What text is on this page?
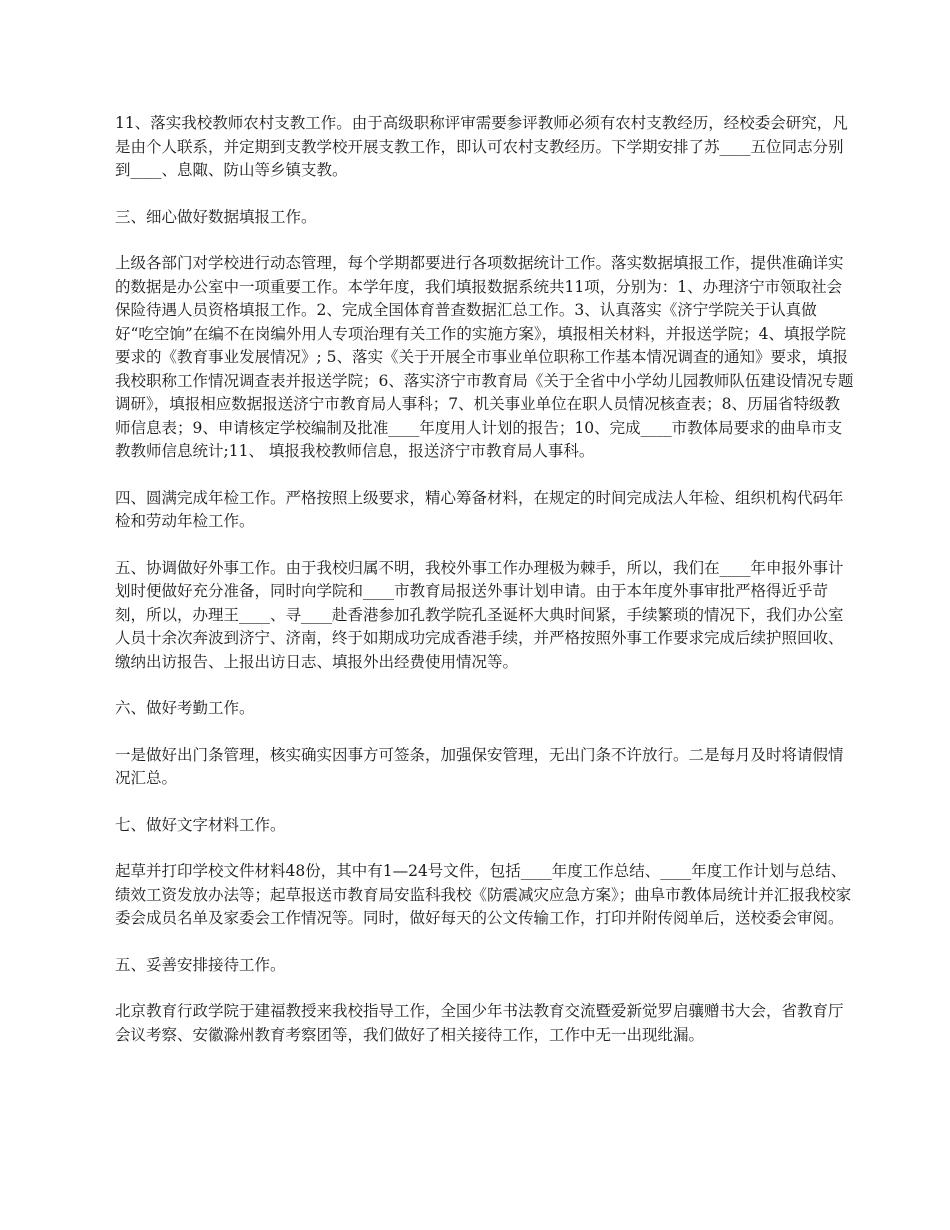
11、落实我校教师农村支教工作。由于高级职称评审需要参评教师必须有农村支教经历，经校委会研究，凡是由个人联系，并定期到支教学校开展支教工作，即认可农村支教经历。下学期安排了苏____五位同志分别到____、息陬、防山等乡镇支教。

三、细心做好数据填报工作。

上级各部门对学校进行动态管理，每个学期都要进行各项数据统计工作。落实数据填报工作，提供准确详实的数据是办公室中一项重要工作。本学年度，我们填报数据系统共11项，分别为：1、办理济宁市领取社会保险待遇人员资格填报工作。2、完成全国体育普查数据汇总工作。3、认真落实《济宁学院关于认真做好“吃空饷”在编不在岗编外用人专项治理有关工作的实施方案》，填报相关材料，并报送学院；4、填报学院要求的《教育事业发展情况》; 5、落实《关于开展全市事业单位职称工作基本情况调查的通知》要求，填报我校职称工作情况调查表并报送学院；6、落实济宁市教育局《关于全省中小学幼儿园教师队伍建设情况专题调研》，填报相应数据报送济宁市教育局人事科；7、机关事业单位在职人员情况核查表；8、历届省特级教师信息表；9、申请核定学校编制及批准____年度用人计划的报告；10、完成____市教体局要求的曲阜市支教教师信息统计;11、 填报我校教师信息，报送济宁市教育局人事科。

四、圆满完成年检工作。严格按照上级要求，精心筹备材料，在规定的时间完成法人年检、组织机构代码年检和劳动年检工作。

五、协调做好外事工作。由于我校归属不明，我校外事工作办理极为棘手，所以，我们在____年申报外事计划时便做好充分准备，同时向学院和____市教育局报送外事计划申请。由于本年度外事审批严格得近乎苛刻，所以，办理王____、寻____赴香港参加孔教学院孔圣诞杯大典时间紧，手续繁琐的情况下，我们办公室人员十余次奔波到济宁、济南，终于如期成功完成香港手续，并严格按照外事工作要求完成后续护照回收、缴纳出访报告、上报出访日志、填报外出经费使用情况等。

六、做好考勤工作。

一是做好出门条管理，核实确实因事方可签条，加强保安管理，无出门条不许放行。二是每月及时将请假情况汇总。

七、做好文字材料工作。

起草并打印学校文件材料48份，其中有1—24号文件，包括____年度工作总结、____年度工作计划与总结、绩效工资发放办法等；起草报送市教育局安监科我校《防震减灾应急方案》；曲阜市教体局统计并汇报我校家委会成员名单及家委会工作情况等。同时，做好每天的公文传输工作，打印并附传阅单后，送校委会审阅。

五、妥善安排接待工作。

北京教育行政学院于建福教授来我校指导工作，全国少年书法教育交流暨爱新觉罗启骧赠书大会，省教育厅会议考察、安徽滁州教育考察团等，我们做好了相关接待工作，工作中无一出现纰漏。
